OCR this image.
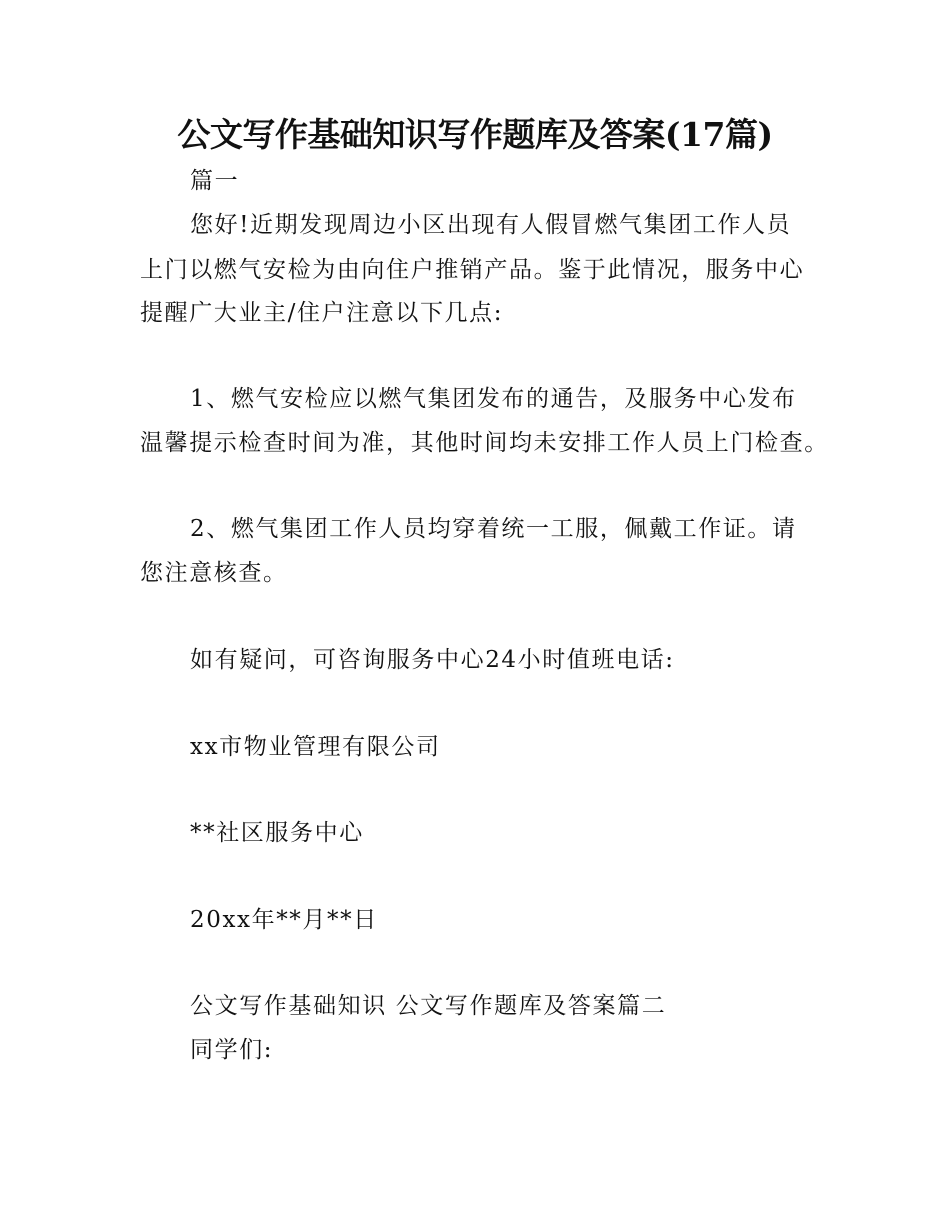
公文写作基础知识写作题库及答案(17篇)

篇一

您好!近期发现周边小区出现有人假冒燃气集团工作人员

上门以燃气安检为由向住户推销产品。鉴于此情况，服务中心

提醒广大业主/住户注意以下几点:

1、燃气安检应以燃气集团发布的通告，及服务中心发布

温馨提示检查时间为准，其他时间均未安排工作人员上门检查。

2、燃气集团工作人员均穿着统一工服，佩戴工作证。请

您注意核查。

如有疑问，可咨询服务中心24小时值班电话:

xx市物业管理有限公司

**社区服务中心

20xx年**月**日

公文写作基础知识 公文写作题库及答案篇二

同学们:
